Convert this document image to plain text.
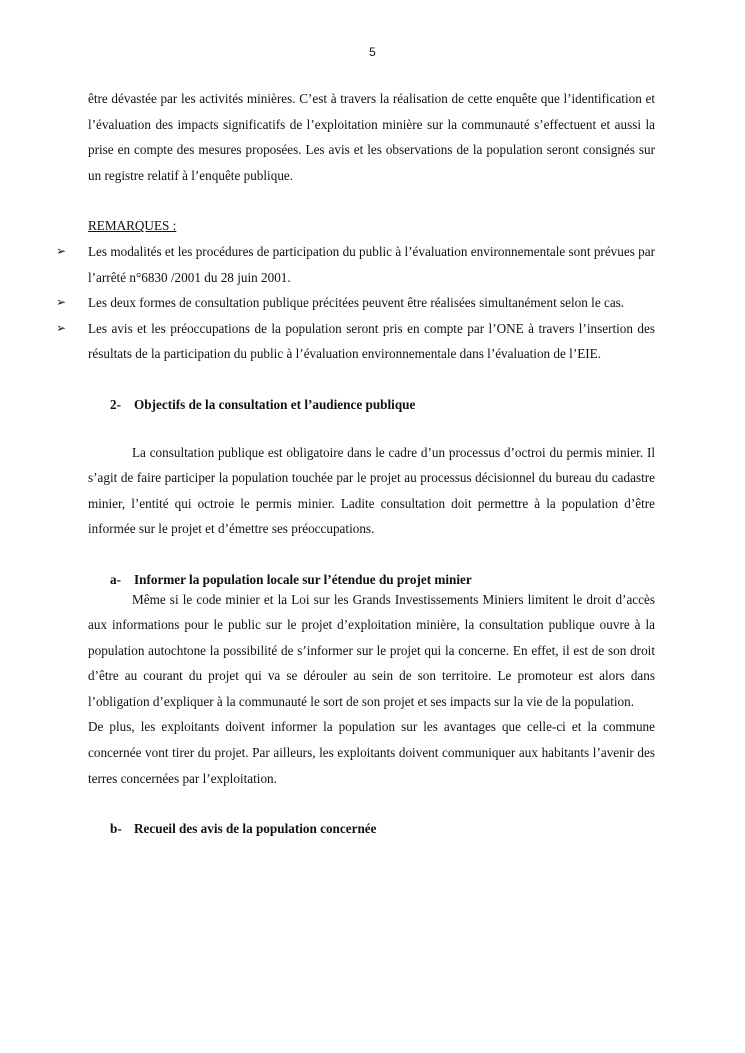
5

être dévastée par les activités minières. C’est à travers la réalisation de cette enquête que l’identification et l’évaluation des impacts significatifs de l’exploitation minière sur la communauté s’effectuent et aussi la prise en compte des mesures proposées. Les avis et les observations de la population seront consignés sur un registre relatif à l’enquête publique.

REMARQUES :

➢	Les modalités et les procédures de participation du public à l’évaluation environnementale sont prévues par l’arrêté n°6830 /2001 du 28 juin 2001.
➢	Les deux formes de consultation publique précitées peuvent être réalisées simultanément selon le cas.
➢	Les avis et les préoccupations de la population seront pris en compte par l’ONE à travers l’insertion des résultats de la participation du public à l’évaluation environnementale dans l’évaluation de l’EIE.
2- Objectifs de la consultation et l’audience publique

La consultation publique est obligatoire dans le cadre d’un processus d’octroi du permis minier. Il s’agit de faire participer la population touchée par le projet au processus décisionnel du bureau du cadastre minier, l’entité qui octroie le permis minier. Ladite consultation doit permettre à la population d’être informée sur le projet et d’émettre ses préoccupations.

a- Informer la population locale sur l’étendue du projet minier

Même si le code minier et la Loi sur les Grands Investissements Miniers limitent le droit d’accès aux informations pour le public sur le projet d’exploitation minière, la consultation publique ouvre à la population autochtone la possibilité de s’informer sur le projet qui la concerne. En effet, il est de son droit d’être au courant du projet qui va se dérouler au sein de son territoire. Le promoteur est alors dans l’obligation d’expliquer à la communauté le sort de son projet et ses impacts sur la vie de la population.

De plus, les exploitants doivent informer la population sur les avantages que celle-ci et la commune concernée vont tirer du projet. Par ailleurs, les exploitants doivent communiquer aux habitants l’avenir des terres concernées par l’exploitation.

b- Recueil des avis de la population concernée
